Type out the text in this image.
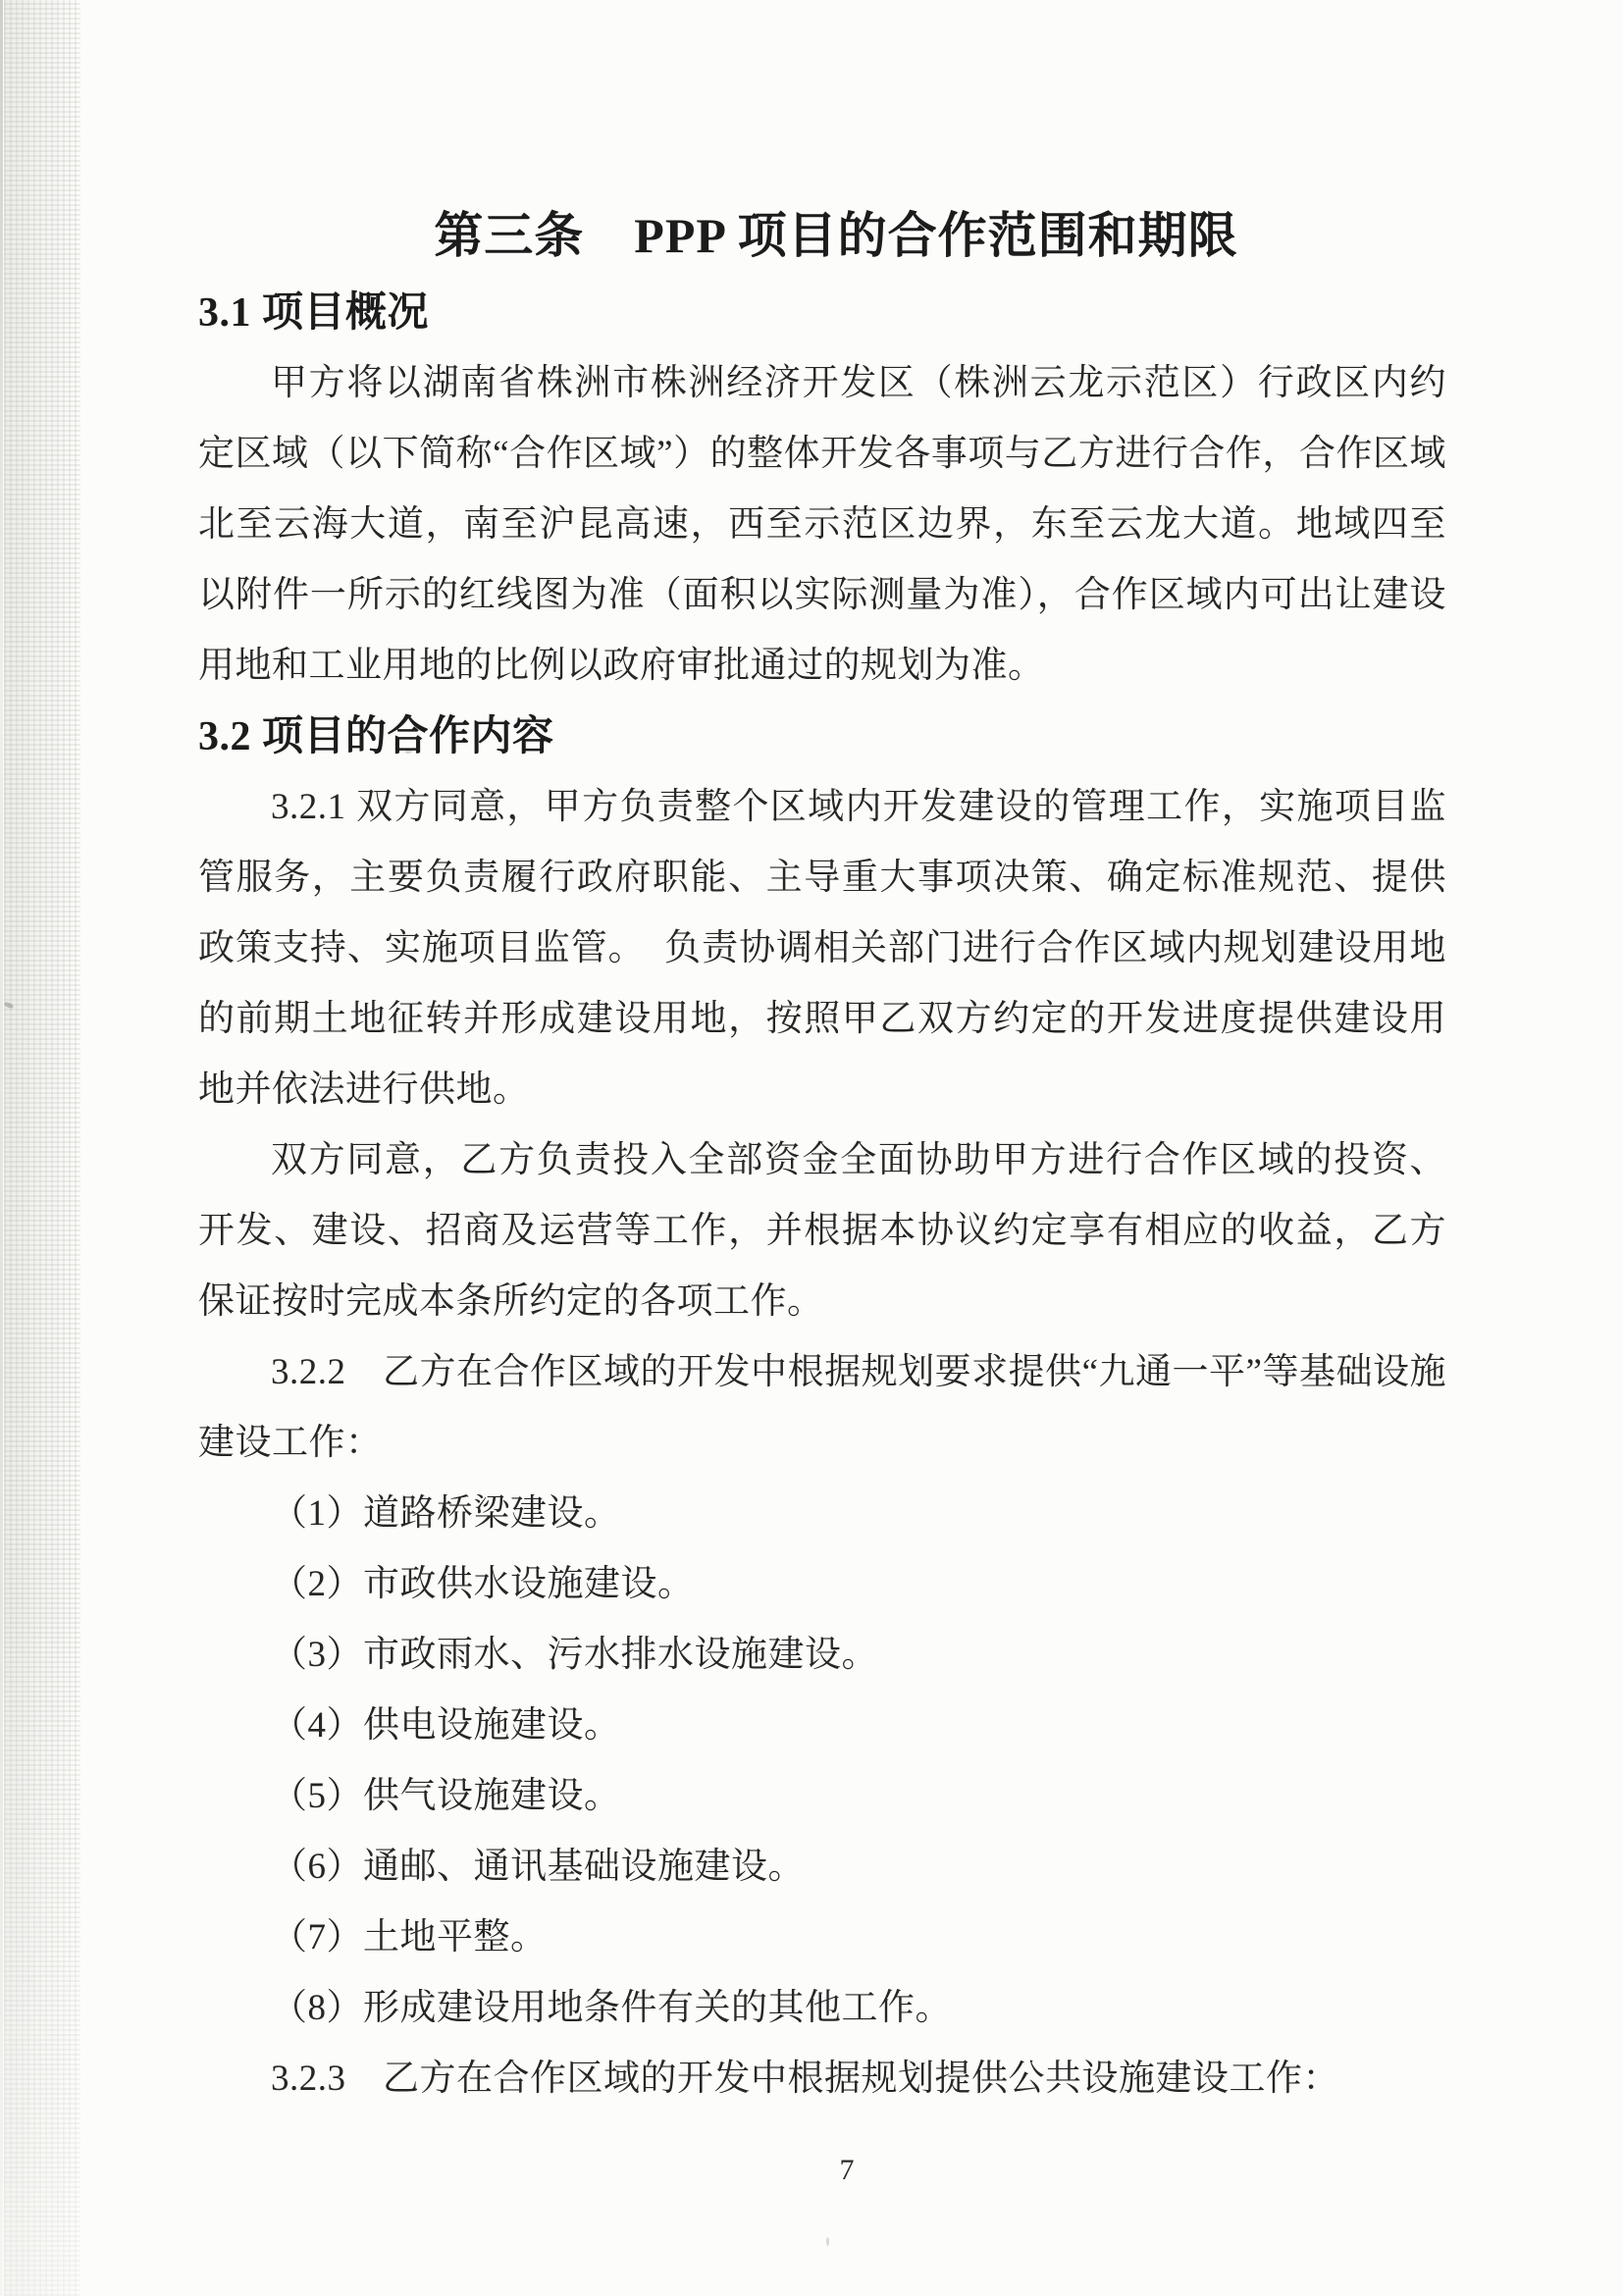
第三条　PPP 项目的合作范围和期限
3.1 项目概况

甲方将以湖南省株洲市株洲经济开发区（株洲云龙示范区）行政区内约定区域（以下简称“合作区域”）的整体开发各事项与乙方进行合作，合作区域北至云海大道，南至沪昆高速，西至示范区边界，东至云龙大道。地域四至以附件一所示的红线图为准（面积以实际测量为准），合作区域内可出让建设用地和工业用地的比例以政府审批通过的规划为准。

3.2 项目的合作内容

3.2.1 双方同意，甲方负责整个区域内开发建设的管理工作，实施项目监管服务，主要负责履行政府职能、主导重大事项决策、确定标准规范、提供政策支持、实施项目监管。　负责协调相关部门进行合作区域内规划建设用地的前期土地征转并形成建设用地，按照甲乙双方约定的开发进度提供建设用地并依法进行供地。

双方同意，乙方负责投入全部资金全面协助甲方进行合作区域的投资、开发、建设、招商及运营等工作，并根据本协议约定享有相应的收益，乙方保证按时完成本条所约定的各项工作。

3.2.2　乙方在合作区域的开发中根据规划要求提供“九通一平”等基础设施建设工作：

（1）道路桥梁建设。

（2）市政供水设施建设。

（3）市政雨水、污水排水设施建设。

（4）供电设施建设。

（5）供气设施建设。

（6）通邮、通讯基础设施建设。

（7）土地平整。

（8）形成建设用地条件有关的其他工作。

3.2.3　乙方在合作区域的开发中根据规划提供公共设施建设工作：

7
